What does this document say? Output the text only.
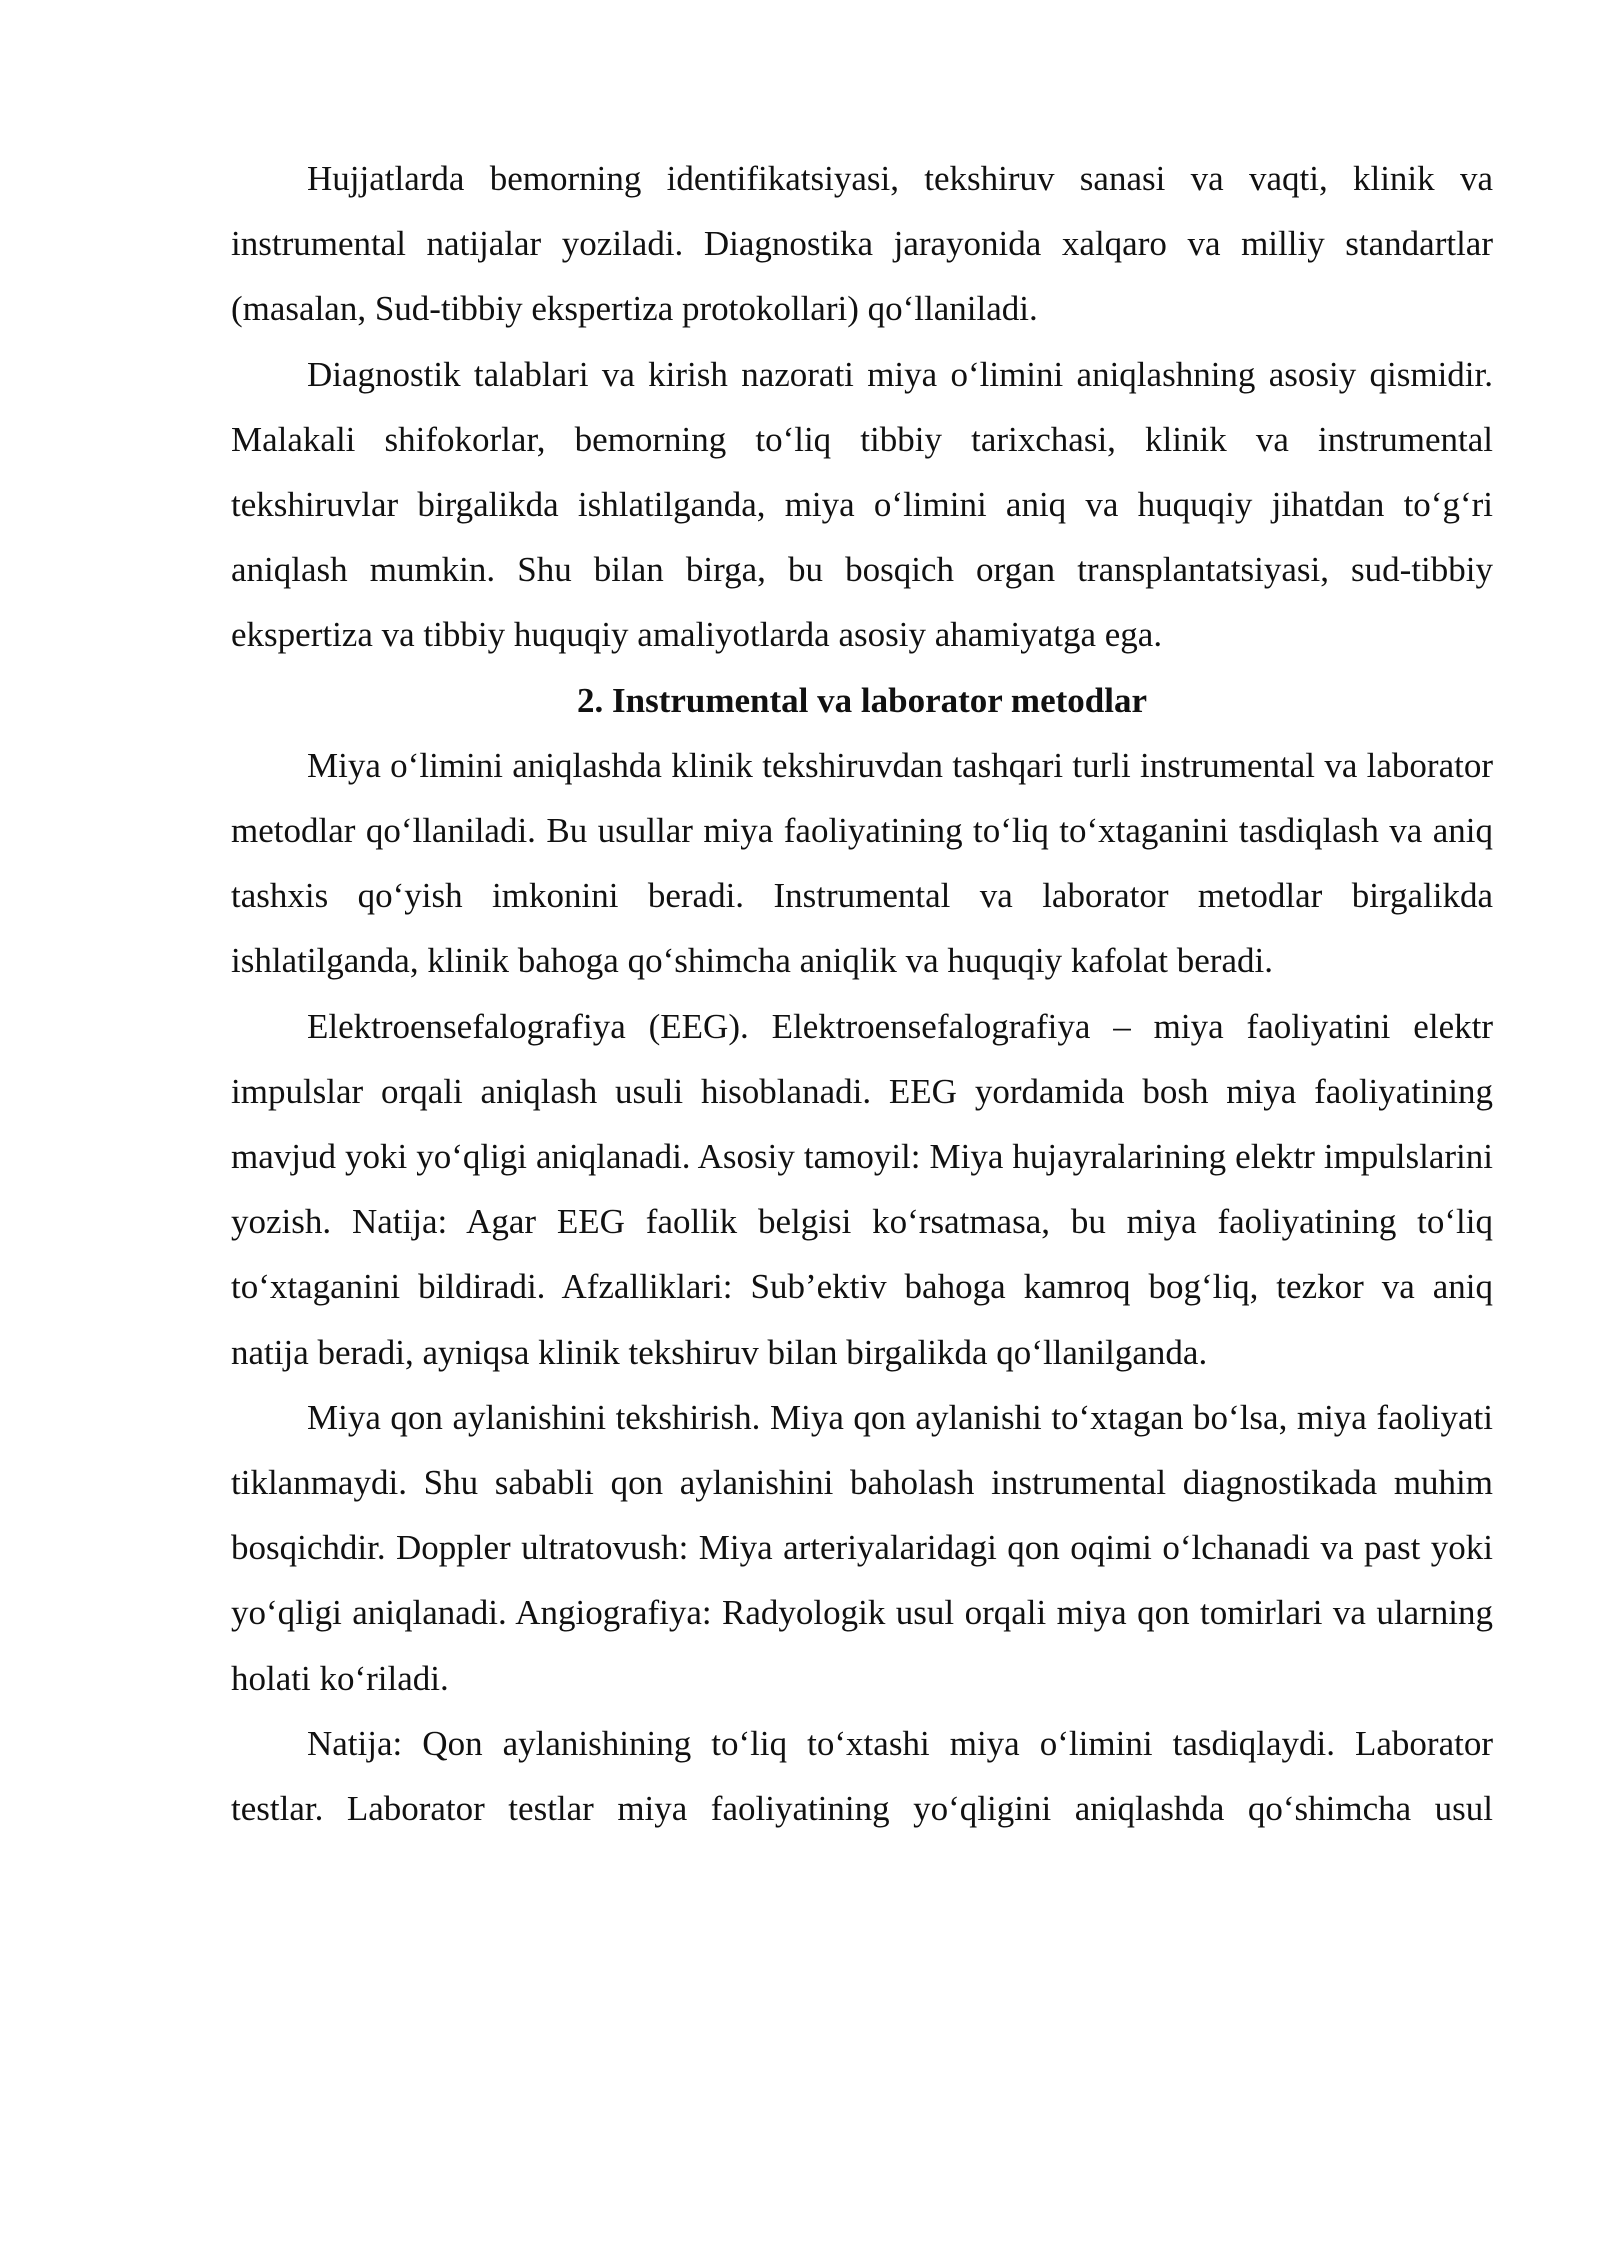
Hujjatlarda bemorning identifikatsiyasi, tekshiruv sanasi va vaqti, klinik va instrumental natijalar yoziladi. Diagnostika jarayonida xalqaro va milliy standartlar (masalan, Sud-tibbiy ekspertiza protokollari) qo‘llaniladi.

Diagnostik talablari va kirish nazorati miya o‘limini aniqlashning asosiy qismidir. Malakali shifokorlar, bemorning to‘liq tibbiy tarixchasi, klinik va instrumental tekshiruvlar birgalikda ishlatilganda, miya o‘limini aniq va huquqiy jihatdan to‘g‘ri aniqlash mumkin. Shu bilan birga, bu bosqich organ transplantatsiyasi, sud-tibbiy ekspertiza va tibbiy huquqiy amaliyotlarda asosiy ahamiyatga ega.

2. Instrumental va laborator metodlar

Miya o‘limini aniqlashda klinik tekshiruvdan tashqari turli instrumental va laborator metodlar qo‘llaniladi. Bu usullar miya faoliyatining to‘liq to‘xtaganini tasdiqlash va aniq tashxis qo‘yish imkonini beradi. Instrumental va laborator metodlar birgalikda ishlatilganda, klinik bahoga qo‘shimcha aniqlik va huquqiy kafolat beradi.

Elektroensefalografiya (EEG). Elektroensefalografiya – miya faoliyatini elektr impulslar orqali aniqlash usuli hisoblanadi. EEG yordamida bosh miya faoliyatining mavjud yoki yo‘qligi aniqlanadi. Asosiy tamoyil: Miya hujayralarining elektr impulslarini yozish. Natija: Agar EEG faollik belgisi ko‘rsatmasa, bu miya faoliyatining to‘liq to‘xtaganini bildiradi. Afzalliklari: Sub’ektiv bahoga kamroq bog‘liq, tezkor va aniq natija beradi, ayniqsa klinik tekshiruv bilan birgalikda qo‘llanilganda.

Miya qon aylanishini tekshirish. Miya qon aylanishi to‘xtagan bo‘lsa, miya faoliyati tiklanmaydi. Shu sababli qon aylanishini baholash instrumental diagnostikada muhim bosqichdir. Doppler ultratovush: Miya arteriyalaridagi qon oqimi o‘lchanadi va past yoki yo‘qligi aniqlanadi. Angiografiya: Radyologik usul orqali miya qon tomirlari va ularning holati ko‘riladi.

Natija: Qon aylanishining to‘liq to‘xtashi miya o‘limini tasdiqlaydi. Laborator testlar. Laborator testlar miya faoliyatining yo‘qligini aniqlashda qo‘shimcha usul
